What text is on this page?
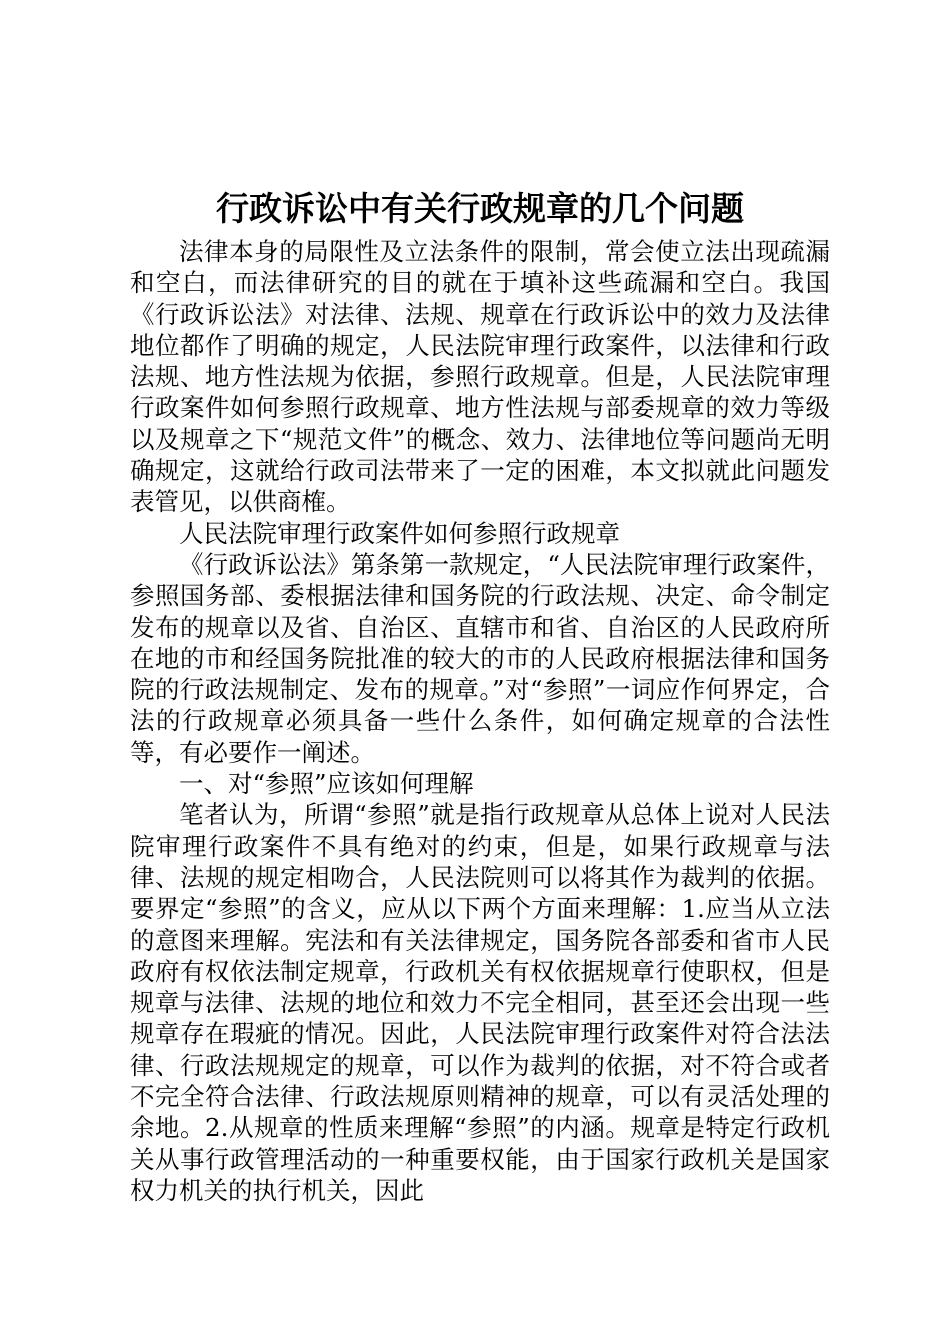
行政诉讼中有关行政规章的几个问题

法律本身的局限性及立法条件的限制，常会使立法出现疏漏和空白，而法律研究的目的就在于填补这些疏漏和空白。我国《行政诉讼法》对法律、法规、规章在行政诉讼中的效力及法律地位都作了明确的规定，人民法院审理行政案件，以法律和行政法规、地方性法规为依据，参照行政规章。但是，人民法院审理行政案件如何参照行政规章、地方性法规与部委规章的效力等级以及规章之下“规范文件”的概念、效力、法律地位等问题尚无明确规定，这就给行政司法带来了一定的困难，本文拟就此问题发表管见，以供商榷。

人民法院审理行政案件如何参照行政规章

《行政诉讼法》第条第一款规定，“人民法院审理行政案件，参照国务部、委根据法律和国务院的行政法规、决定、命令制定发布的规章以及省、自治区、直辖市和省、自治区的人民政府所在地的市和经国务院批准的较大的市的人民政府根据法律和国务院的行政法规制定、发布的规章。”对“参照”一词应作何界定，合法的行政规章必须具备一些什么条件，如何确定规章的合法性等，有必要作一阐述。

一、对“参照”应该如何理解

笔者认为，所谓“参照”就是指行政规章从总体上说对人民法院审理行政案件不具有绝对的约束，但是，如果行政规章与法律、法规的规定相吻合，人民法院则可以将其作为裁判的依据。要界定“参照”的含义，应从以下两个方面来理解：1.应当从立法的意图来理解。宪法和有关法律规定，国务院各部委和省市人民政府有权依法制定规章，行政机关有权依据规章行使职权，但是规章与法律、法规的地位和效力不完全相同，甚至还会出现一些规章存在瑕疵的情况。因此，人民法院审理行政案件对符合法法律、行政法规规定的规章，可以作为裁判的依据，对不符合或者不完全符合法律、行政法规原则精神的规章，可以有灵活处理的余地。2.从规章的性质来理解“参照”的内涵。规章是特定行政机关从事行政管理活动的一种重要权能，由于国家行政机关是国家权力机关的执行机关，因此
